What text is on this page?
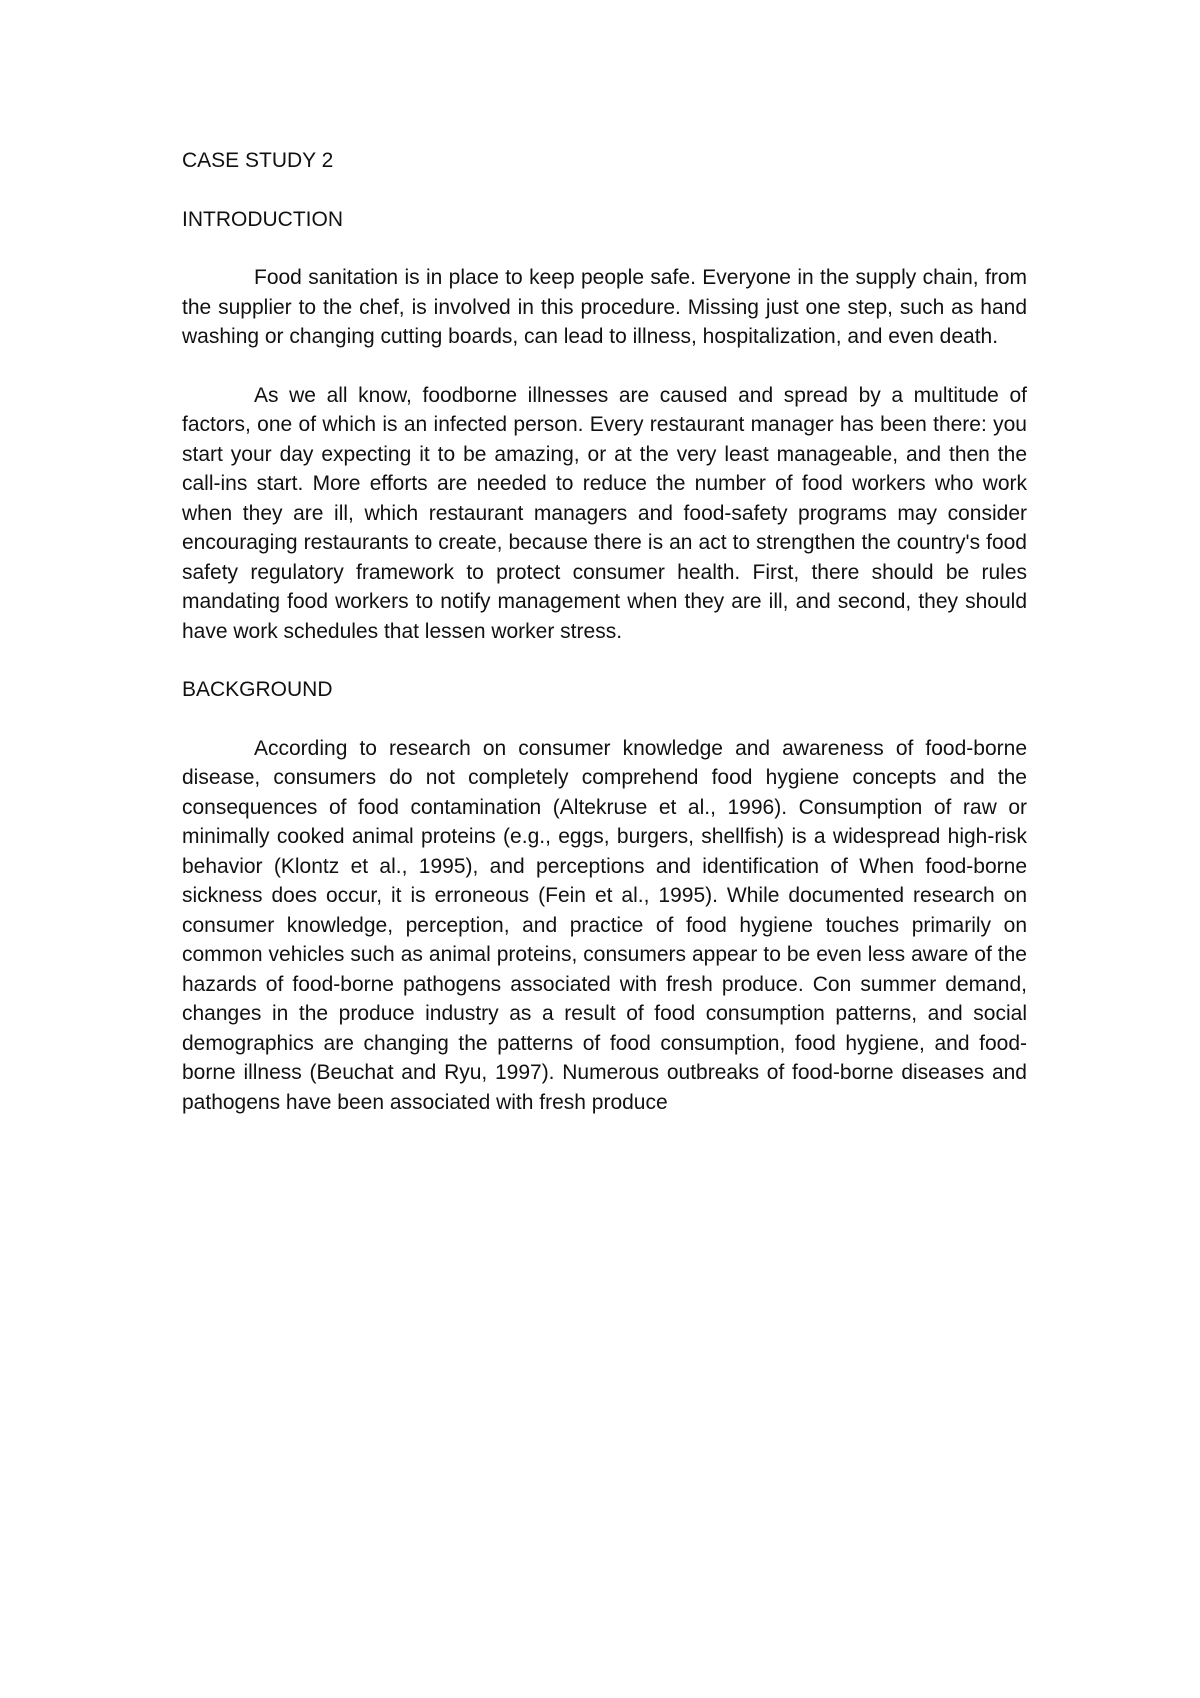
CASE STUDY 2
INTRODUCTION

Food sanitation is in place to keep people safe. Everyone in the supply chain, from the supplier to the chef, is involved in this procedure. Missing just one step, such as hand washing or changing cutting boards, can lead to illness, hospitalization, and even death.

As we all know, foodborne illnesses are caused and spread by a multitude of factors, one of which is an infected person. Every restaurant manager has been there: you start your day expecting it to be amazing, or at the very least manageable, and then the call-ins start. More efforts are needed to reduce the number of food workers who work when they are ill, which restaurant managers and food-safety programs may consider encouraging restaurants to create, because there is an act to strengthen the country's food safety regulatory framework to protect consumer health. First, there should be rules mandating food workers to notify management when they are ill, and second, they should have work schedules that lessen worker stress.

BACKGROUND

According to research on consumer knowledge and awareness of food-borne disease, consumers do not completely comprehend food hygiene concepts and the consequences of food contamination (Altekruse et al., 1996). Consumption of raw or minimally cooked animal proteins (e.g., eggs, burgers, shellfish) is a widespread high-risk behavior (Klontz et al., 1995), and perceptions and identification of When food-borne sickness does occur, it is erroneous (Fein et al., 1995). While documented research on consumer knowledge, perception, and practice of food hygiene touches primarily on common vehicles such as animal proteins, consumers appear to be even less aware of the hazards of food-borne pathogens associated with fresh produce. Con summer demand, changes in the produce industry as a result of food consumption patterns, and social demographics are changing the patterns of food consumption, food hygiene, and food-borne illness (Beuchat and Ryu, 1997). Numerous outbreaks of food-borne diseases and pathogens have been associated with fresh produce
